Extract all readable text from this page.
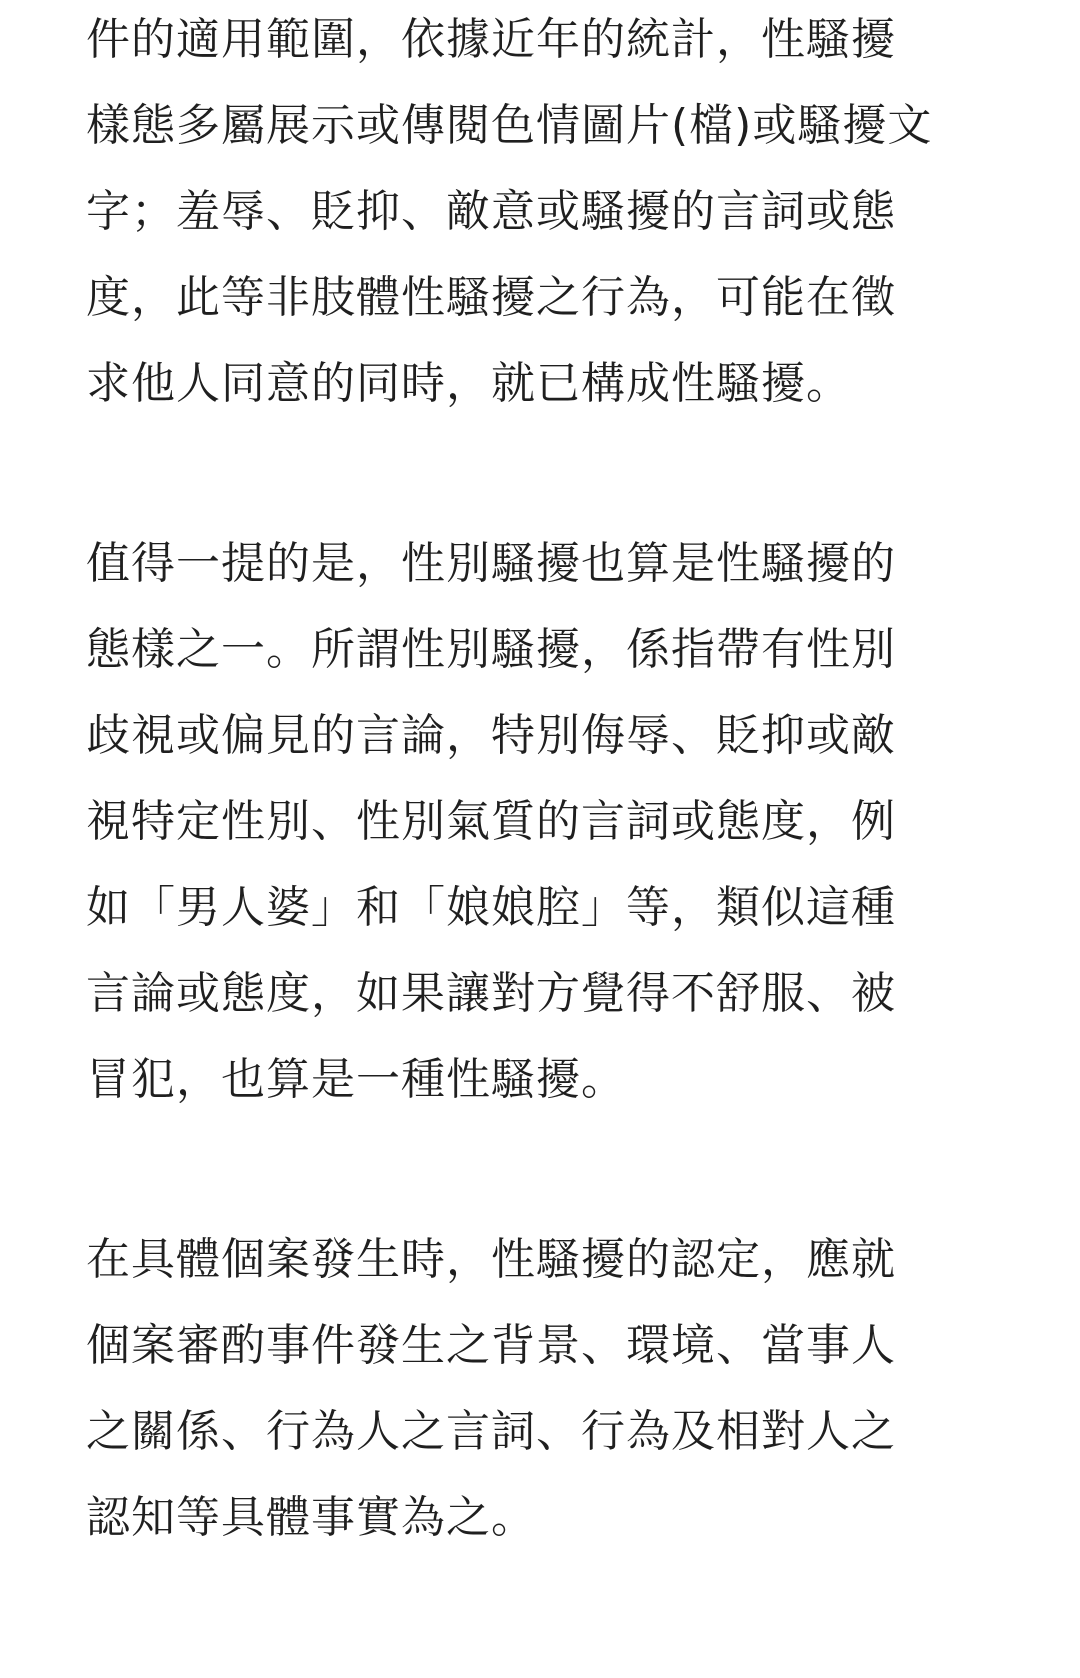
件的適用範圍，依據近年的統計，性騷擾

樣態多屬展示或傳閱色情圖片(檔)或騷擾文

字；羞辱、貶抑、敵意或騷擾的言詞或態

度，此等非肢體性騷擾之行為，可能在徵

求他人同意的同時，就已構成性騷擾。

值得一提的是，性別騷擾也算是性騷擾的

態樣之一。所謂性別騷擾，係指帶有性別

歧視或偏見的言論，特別侮辱、貶抑或敵

視特定性別、性別氣質的言詞或態度，例

如「男人婆」和「娘娘腔」等，類似這種

言論或態度，如果讓對方覺得不舒服、被

冒犯，也算是一種性騷擾。

在具體個案發生時，性騷擾的認定，應就

個案審酌事件發生之背景、環境、當事人

之關係、行為人之言詞、行為及相對人之

認知等具體事實為之。
